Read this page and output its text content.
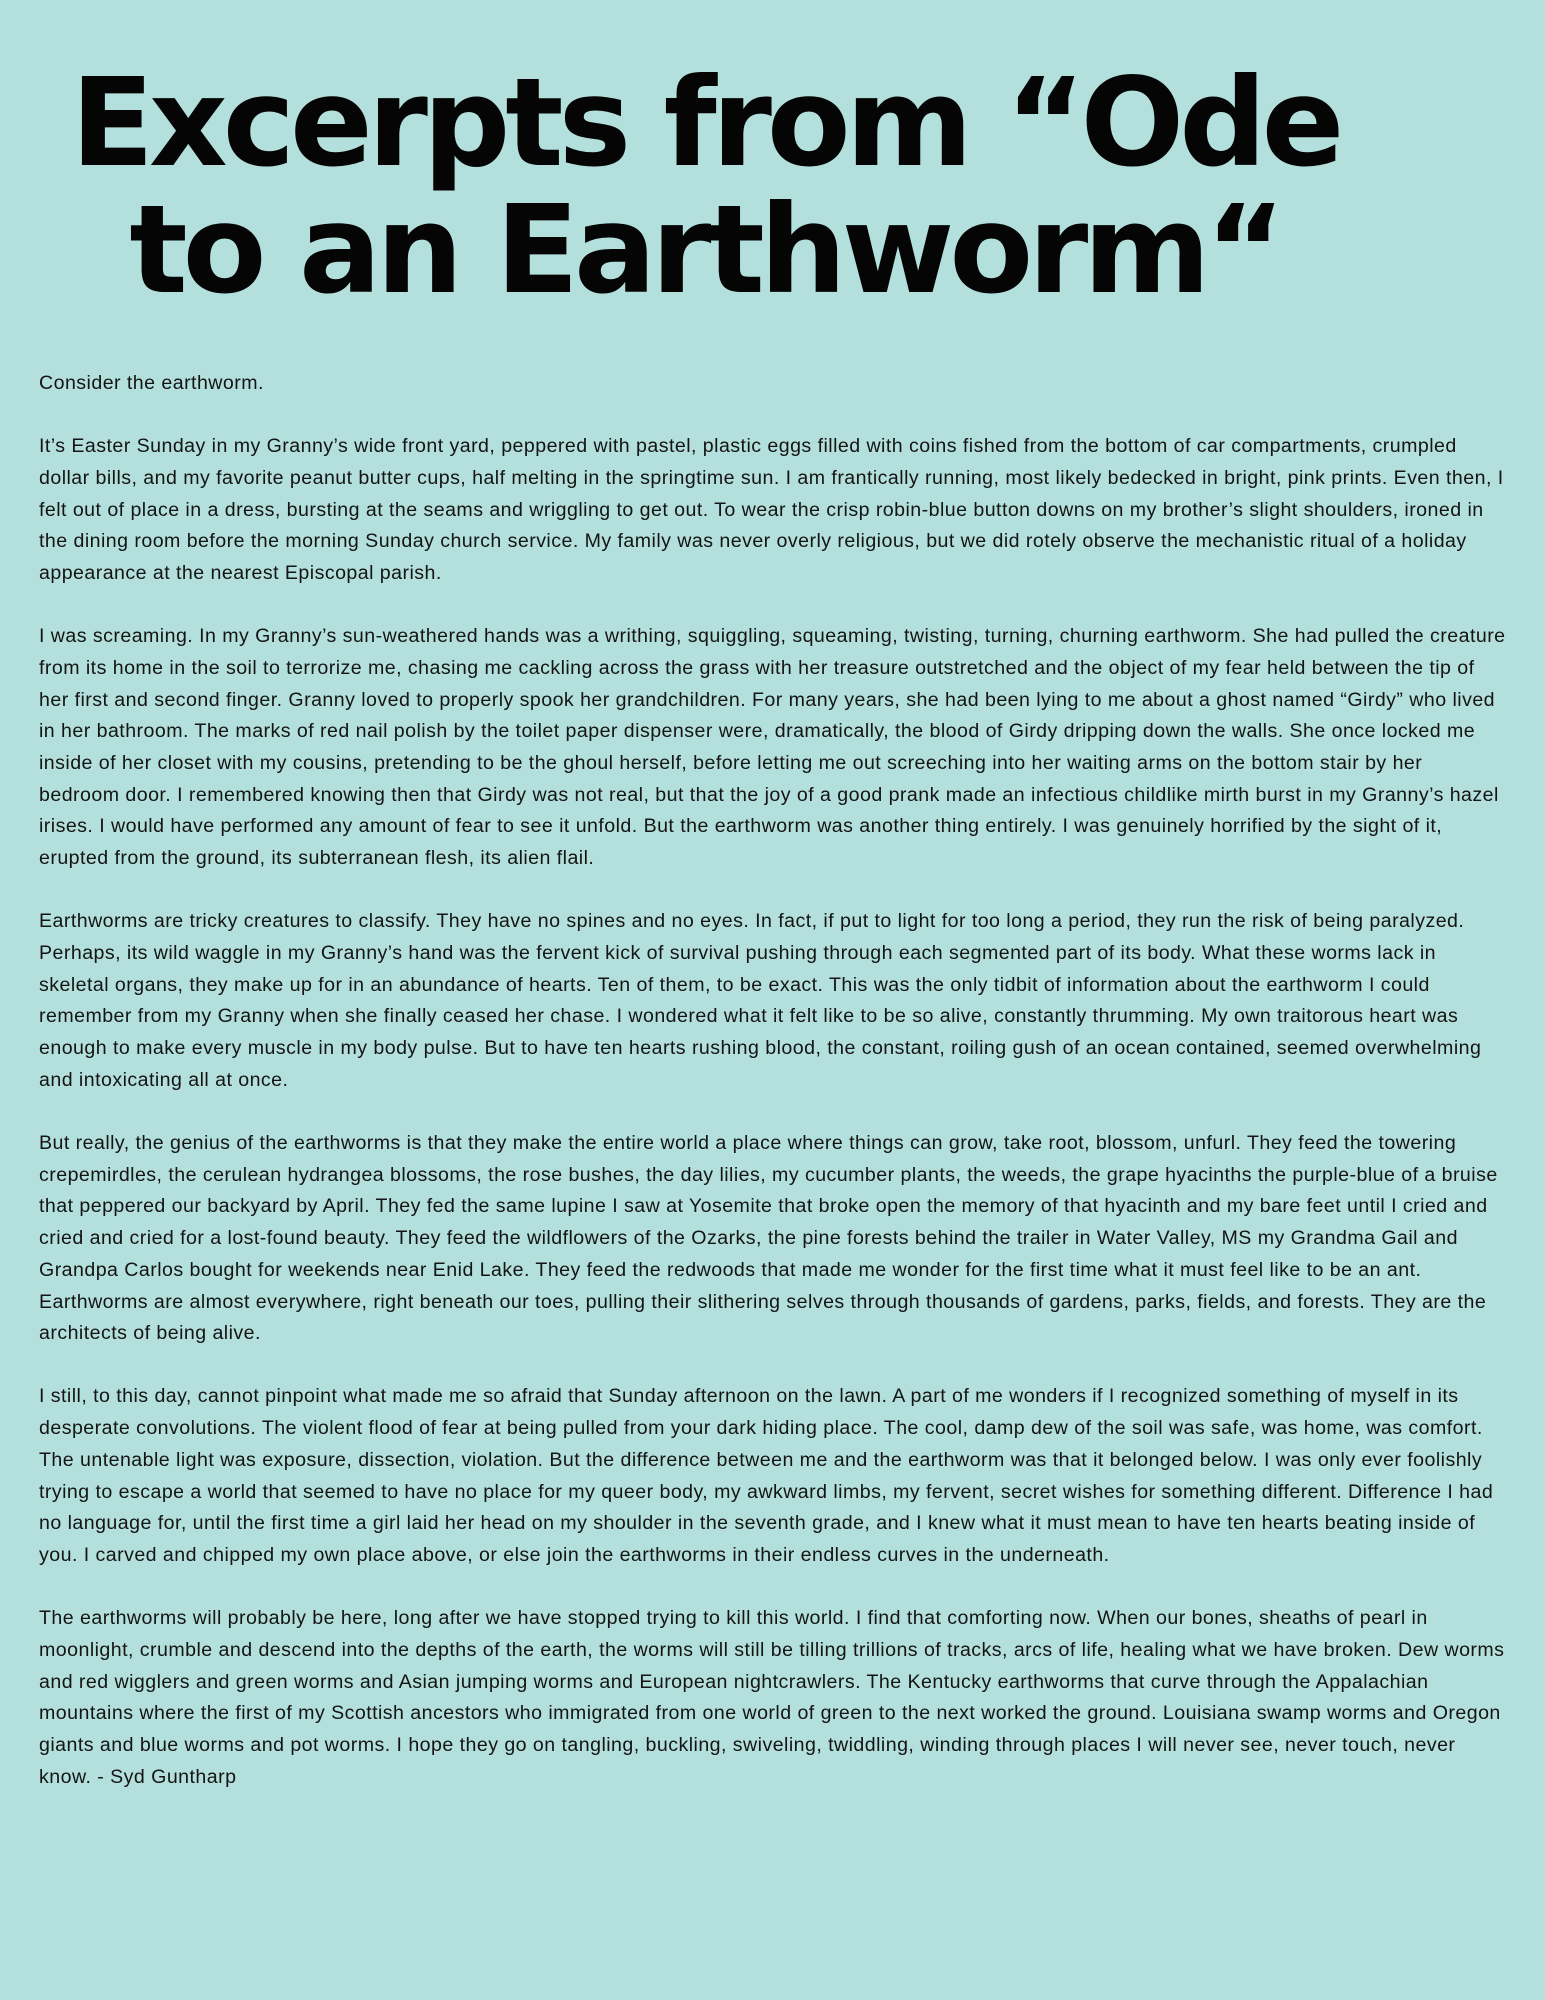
Excerpts from “Ode to an Earthworm“

Consider the earthworm.

It’s Easter Sunday in my Granny’s wide front yard, peppered with pastel, plastic eggs filled with coins fished from the bottom of car compartments, crumpled dollar bills, and my favorite peanut butter cups, half melting in the springtime sun. I am frantically running, most likely bedecked in bright, pink prints. Even then, I felt out of place in a dress, bursting at the seams and wriggling to get out. To wear the crisp robin-blue button downs on my brother’s slight shoulders, ironed in the dining room before the morning Sunday church service. My family was never overly religious, but we did rotely observe the mechanistic ritual of a holiday appearance at the nearest Episcopal parish.

I was screaming. In my Granny’s sun-weathered hands was a writhing, squiggling, squeaming, twisting, turning, churning earthworm. She had pulled the creature from its home in the soil to terrorize me, chasing me cackling across the grass with her treasure outstretched and the object of my fear held between the tip of her first and second finger. Granny loved to properly spook her grandchildren. For many years, she had been lying to me about a ghost named “Girdy” who lived in her bathroom. The marks of red nail polish by the toilet paper dispenser were, dramatically, the blood of Girdy dripping down the walls. She once locked me inside of her closet with my cousins, pretending to be the ghoul herself, before letting me out screeching into her waiting arms on the bottom stair by her bedroom door. I remembered knowing then that Girdy was not real, but that the joy of a good prank made an infectious childlike mirth burst in my Granny’s hazel irises. I would have performed any amount of fear to see it unfold. But the earthworm was another thing entirely. I was genuinely horrified by the sight of it, erupted from the ground, its subterranean flesh, its alien flail.

Earthworms are tricky creatures to classify. They have no spines and no eyes. In fact, if put to light for too long a period, they run the risk of being paralyzed. Perhaps, its wild waggle in my Granny’s hand was the fervent kick of survival pushing through each segmented part of its body. What these worms lack in skeletal organs, they make up for in an abundance of hearts. Ten of them, to be exact. This was the only tidbit of information about the earthworm I could remember from my Granny when she finally ceased her chase. I wondered what it felt like to be so alive, constantly thrumming. My own traitorous heart was enough to make every muscle in my body pulse. But to have ten hearts rushing blood, the constant, roiling gush of an ocean contained, seemed overwhelming and intoxicating all at once.

But really, the genius of the earthworms is that they make the entire world a place where things can grow, take root, blossom, unfurl. They feed the towering crepemirdles, the cerulean hydrangea blossoms, the rose bushes, the day lilies, my cucumber plants, the weeds, the grape hyacinths the purple-blue of a bruise that peppered our backyard by April. They fed the same lupine I saw at Yosemite that broke open the memory of that hyacinth and my bare feet until I cried and cried and cried for a lost-found beauty. They feed the wildflowers of the Ozarks, the pine forests behind the trailer in Water Valley, MS my Grandma Gail and Grandpa Carlos bought for weekends near Enid Lake. They feed the redwoods that made me wonder for the first time what it must feel like to be an ant. Earthworms are almost everywhere, right beneath our toes, pulling their slithering selves through thousands of gardens, parks, fields, and forests. They are the architects of being alive.

I still, to this day, cannot pinpoint what made me so afraid that Sunday afternoon on the lawn. A part of me wonders if I recognized something of myself in its desperate convolutions. The violent flood of fear at being pulled from your dark hiding place. The cool, damp dew of the soil was safe, was home, was comfort. The untenable light was exposure, dissection, violation. But the difference between me and the earthworm was that it belonged below. I was only ever foolishly trying to escape a world that seemed to have no place for my queer body, my awkward limbs, my fervent, secret wishes for something different. Difference I had no language for, until the first time a girl laid her head on my shoulder in the seventh grade, and I knew what it must mean to have ten hearts beating inside of you. I carved and chipped my own place above, or else join the earthworms in their endless curves in the underneath.

The earthworms will probably be here, long after we have stopped trying to kill this world. I find that comforting now. When our bones, sheaths of pearl in moonlight, crumble and descend into the depths of the earth, the worms will still be tilling trillions of tracks, arcs of life, healing what we have broken. Dew worms and red wigglers and green worms and Asian jumping worms and European nightcrawlers. The Kentucky earthworms that curve through the Appalachian mountains where the first of my Scottish ancestors who immigrated from one world of green to the next worked the ground. Louisiana swamp worms and Oregon giants and blue worms and pot worms. I hope they go on tangling, buckling, swiveling, twiddling, winding through places I will never see, never touch, never know. - Syd Guntharp
